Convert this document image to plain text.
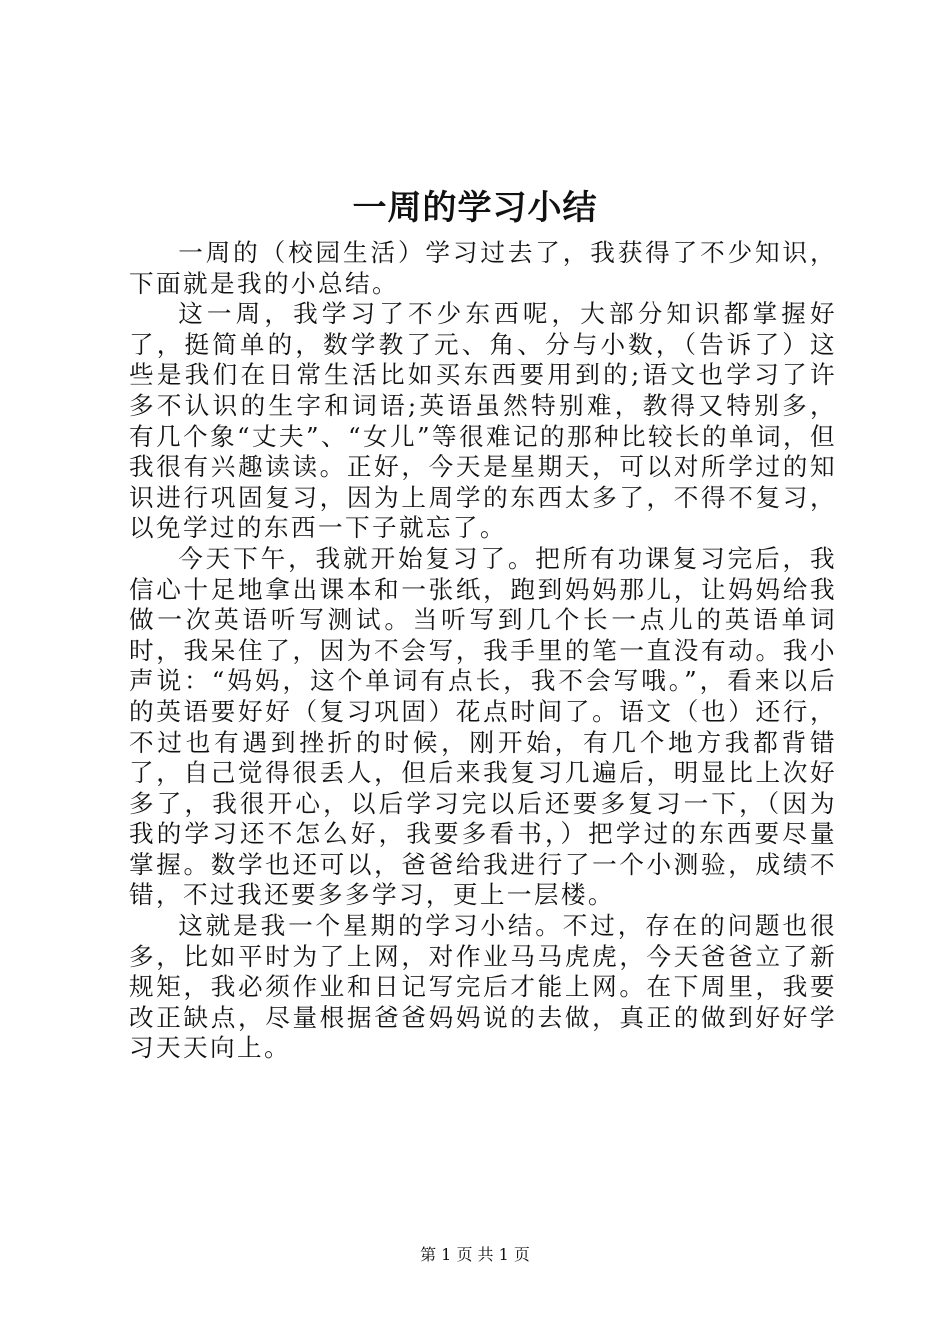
一周的学习小结

一周的（校园生活）学习过去了，我获得了不少知识，下面就是我的小总结。

这一周，我学习了不少东西呢，大部分知识都掌握好了，挺简单的，数学教了元、角、分与小数，（告诉了）这些是我们在日常生活比如买东西要用到的;语文也学习了许多不认识的生字和词语;英语虽然特别难，教得又特别多，有几个象“丈夫”、“女儿”等很难记的那种比较长的单词，但我很有兴趣读读。正好，今天是星期天，可以对所学过的知识进行巩固复习，因为上周学的东西太多了，不得不复习，以免学过的东西一下子就忘了。

今天下午，我就开始复习了。把所有功课复习完后，我信心十足地拿出课本和一张纸，跑到妈妈那儿，让妈妈给我做一次英语听写测试。当听写到几个长一点儿的英语单词时，我呆住了，因为不会写，我手里的笔一直没有动。我小声说：“妈妈，这个单词有点长，我不会写哦。”，看来以后的英语要好好（复习巩固）花点时间了。语文（也）还行，不过也有遇到挫折的时候，刚开始，有几个地方我都背错了，自己觉得很丢人，但后来我复习几遍后，明显比上次好多了，我很开心，以后学习完以后还要多复习一下，（因为我的学习还不怎么好，我要多看书，）把学过的东西要尽量掌握。数学也还可以，爸爸给我进行了一个小测验，成绩不错，不过我还要多多学习，更上一层楼。

这就是我一个星期的学习小结。不过，存在的问题也很多，比如平时为了上网，对作业马马虎虎，今天爸爸立了新规矩，我必须作业和日记写完后才能上网。在下周里，我要改正缺点，尽量根据爸爸妈妈说的去做，真正的做到好好学习天天向上。

第 1 页 共 1 页
